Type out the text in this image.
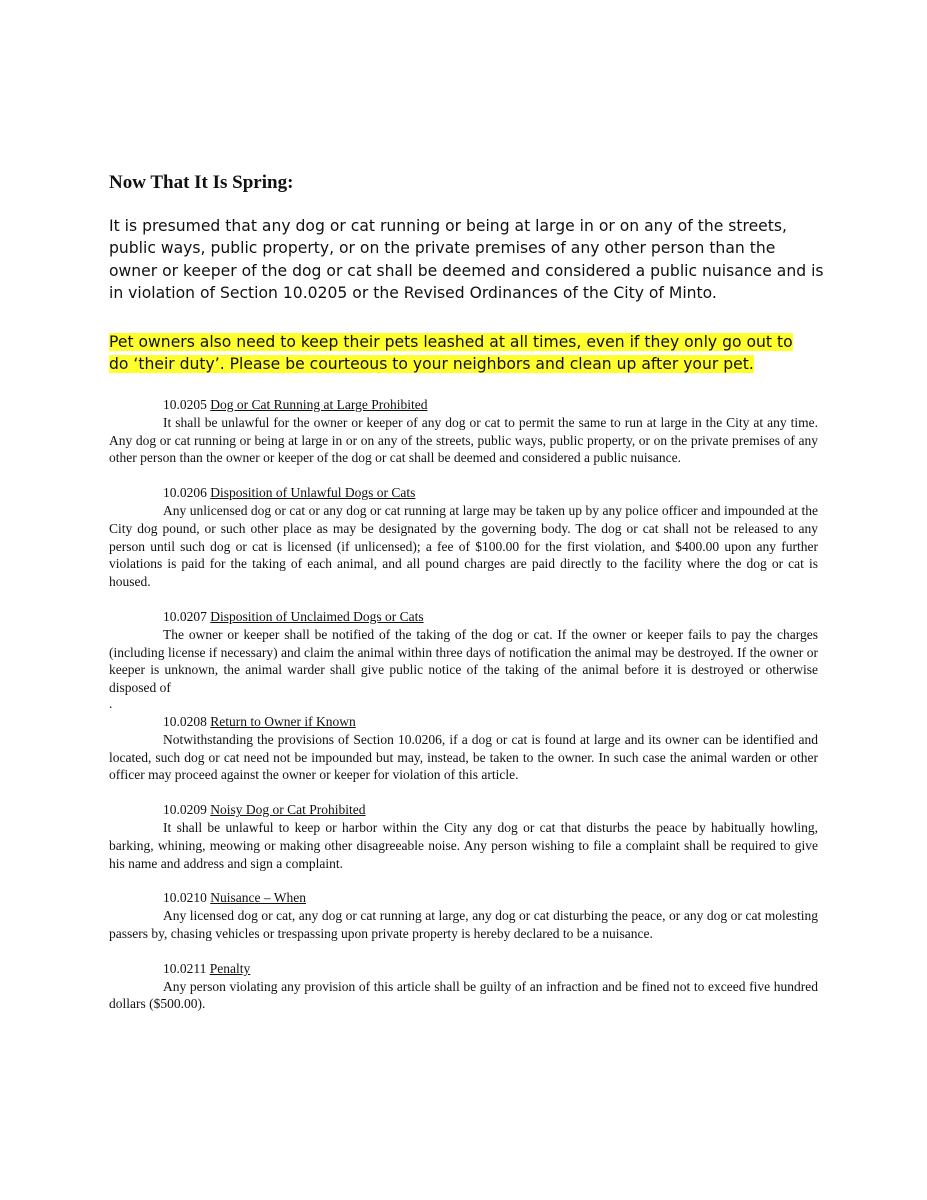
Now That It Is Spring:

It is presumed that any dog or cat running or being at large in or on any of the streets, public ways, public property, or on the private premises of any other person than the owner or keeper of the dog or cat shall be deemed and considered a public nuisance and is in violation of Section 10.0205 or the Revised Ordinances of the City of Minto.

Pet owners also need to keep their pets leashed at all times, even if they only go out to
do ‘their duty’. Please be courteous to your neighbors and clean up after your pet.
10.0205 Dog or Cat Running at Large Prohibited

It shall be unlawful for the owner or keeper of any dog or cat to permit the same to run at large in the City at any time. Any dog or cat running or being at large in or on any of the streets, public ways, public property, or on the private premises of any other person than the owner or keeper of the dog or cat shall be deemed and considered a public nuisance.

10.0206 Disposition of Unlawful Dogs or Cats

Any unlicensed dog or cat or any dog or cat running at large may be taken up by any police officer and impounded at the City dog pound, or such other place as may be designated by the governing body. The dog or cat shall not be released to any person until such dog or cat is licensed (if unlicensed); a fee of $100.00 for the first violation, and $400.00 upon any further violations is paid for the taking of each animal, and all pound charges are paid directly to the facility where the dog or cat is housed.

10.0207 Disposition of Unclaimed Dogs or Cats

The owner or keeper shall be notified of the taking of the dog or cat. If the owner or keeper fails to pay the charges (including license if necessary) and claim the animal within three days of notification the animal may be destroyed. If the owner or keeper is unknown, the animal warder shall give public notice of the taking of the animal before it is destroyed or otherwise disposed of

.

10.0208 Return to Owner if Known

Notwithstanding the provisions of Section 10.0206, if a dog or cat is found at large and its owner can be identified and located, such dog or cat need not be impounded but may, instead, be taken to the owner. In such case the animal warden or other officer may proceed against the owner or keeper for violation of this article.

10.0209 Noisy Dog or Cat Prohibited

It shall be unlawful to keep or harbor within the City any dog or cat that disturbs the peace by habitually howling, barking, whining, meowing or making other disagreeable noise. Any person wishing to file a complaint shall be required to give his name and address and sign a complaint.

10.0210 Nuisance – When

Any licensed dog or cat, any dog or cat running at large, any dog or cat disturbing the peace, or any dog or cat molesting passers by, chasing vehicles or trespassing upon private property is hereby declared to be a nuisance.

10.0211 Penalty

Any person violating any provision of this article shall be guilty of an infraction and be fined not to exceed five hundred dollars ($500.00).
